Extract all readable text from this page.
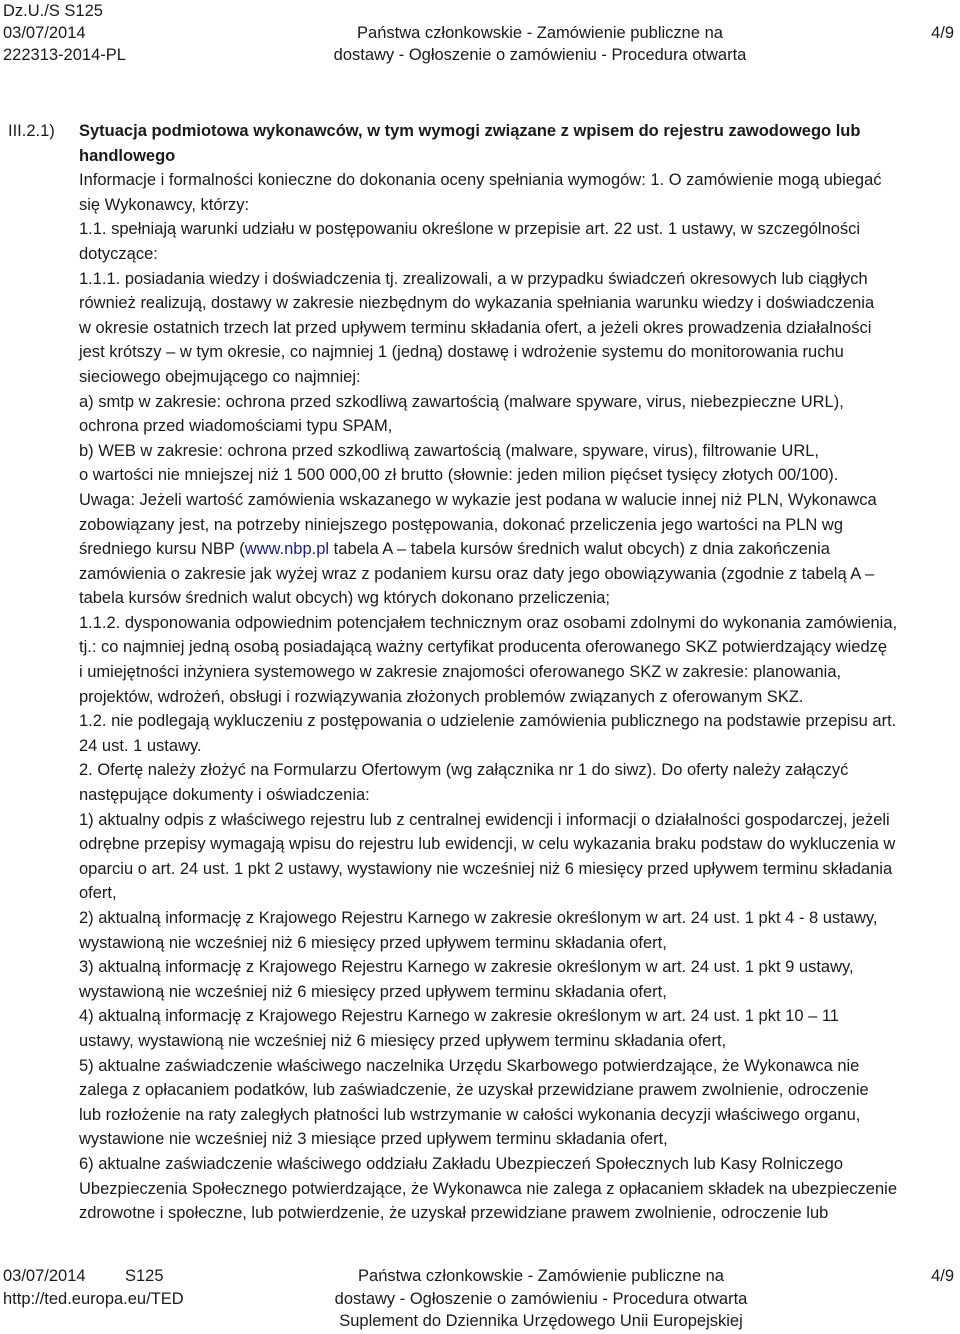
Dz.U./S S125
03/07/2014
222313-2014-PL
Państwa członkowskie - Zamówienie publiczne na
dostawy - Ogłoszenie o zamówieniu - Procedura otwarta
4/9
III.2.1) Sytuacja podmiotowa wykonawców, w tym wymogi związane z wpisem do rejestru zawodowego lub
handlowego
Informacje i formalności konieczne do dokonania oceny spełniania wymogów: 1. O zamówienie mogą ubiegać
się Wykonawcy, którzy:
1.1. spełniają warunki udziału w postępowaniu określone w przepisie art. 22 ust. 1 ustawy, w szczególności
dotyczące:
1.1.1. posiadania wiedzy i doświadczenia tj. zrealizowali, a w przypadku świadczeń okresowych lub ciągłych
również realizują, dostawy w zakresie niezbędnym do wykazania spełniania warunku wiedzy i doświadczenia
w okresie ostatnich trzech lat przed upływem terminu składania ofert, a jeżeli okres prowadzenia działalności
jest krótszy – w tym okresie, co najmniej 1 (jedną) dostawę i wdrożenie systemu do monitorowania ruchu
sieciowego obejmującego co najmniej:
a) smtp w zakresie: ochrona przed szkodliwą zawartością (malware spyware, virus, niebezpieczne URL),
ochrona przed wiadomościami typu SPAM,
b) WEB w zakresie: ochrona przed szkodliwą zawartością (malware, spyware, virus), filtrowanie URL,
o wartości nie mniejszej niż 1 500 000,00 zł brutto (słownie: jeden milion pięćset tysięcy złotych 00/100).
Uwaga: Jeżeli wartość zamówienia wskazanego w wykazie jest podana w walucie innej niż PLN, Wykonawca
zobowiązany jest, na potrzeby niniejszego postępowania, dokonać przeliczenia jego wartości na PLN wg
średniego kursu NBP (www.nbp.pl tabela A – tabela kursów średnich walut obcych) z dnia zakończenia
zamówienia o zakresie jak wyżej wraz z podaniem kursu oraz daty jego obowiązywania (zgodnie z tabelą A –
tabela kursów średnich walut obcych) wg których dokonano przeliczenia;
1.1.2. dysponowania odpowiednim potencjałem technicznym oraz osobami zdolnymi do wykonania zamówienia,
tj.: co najmniej jedną osobą posiadającą ważny certyfikat producenta oferowanego SKZ potwierdzający wiedzę
i umiejętności inżyniera systemowego w zakresie znajomości oferowanego SKZ w zakresie: planowania,
projektów, wdrożeń, obsługi i rozwiązywania złożonych problemów związanych z oferowanym SKZ.
1.2. nie podlegają wykluczeniu z postępowania o udzielenie zamówienia publicznego na podstawie przepisu art.
24 ust. 1 ustawy.
2. Ofertę należy złożyć na Formularzu Ofertowym (wg załącznika nr 1 do siwz). Do oferty należy załączyć
następujące dokumenty i oświadczenia:
1) aktualny odpis z właściwego rejestru lub z centralnej ewidencji i informacji o działalności gospodarczej, jeżeli
odrębne przepisy wymagają wpisu do rejestru lub ewidencji, w celu wykazania braku podstaw do wykluczenia w
oparciu o art. 24 ust. 1 pkt 2 ustawy, wystawiony nie wcześniej niż 6 miesięcy przed upływem terminu składania
ofert,
2) aktualną informację z Krajowego Rejestru Karnego w zakresie określonym w art. 24 ust. 1 pkt 4 - 8 ustawy,
wystawioną nie wcześniej niż 6 miesięcy przed upływem terminu składania ofert,
3) aktualną informację z Krajowego Rejestru Karnego w zakresie określonym w art. 24 ust. 1 pkt 9 ustawy,
wystawioną nie wcześniej niż 6 miesięcy przed upływem terminu składania ofert,
4) aktualną informację z Krajowego Rejestru Karnego w zakresie określonym w art. 24 ust. 1 pkt 10 – 11
ustawy, wystawioną nie wcześniej niż 6 miesięcy przed upływem terminu składania ofert,
5) aktualne zaświadczenie właściwego naczelnika Urzędu Skarbowego potwierdzające, że Wykonawca nie
zalega z opłacaniem podatków, lub zaświadczenie, że uzyskał przewidziane prawem zwolnienie, odroczenie
lub rozłożenie na raty zaległych płatności lub wstrzymanie w całości wykonania decyzji właściwego organu,
wystawione nie wcześniej niż 3 miesiące przed upływem terminu składania ofert,
6) aktualne zaświadczenie właściwego oddziału Zakładu Ubezpieczeń Społecznych lub Kasy Rolniczego
Ubezpieczenia Społecznego potwierdzające, że Wykonawca nie zalega z opłacaniem składek na ubezpieczenie
zdrowotne i społeczne, lub potwierdzenie, że uzyskał przewidziane prawem zwolnienie, odroczenie lub
03/07/2014 S125
http://ted.europa.eu/TED
Państwa członkowskie - Zamówienie publiczne na
dostawy - Ogłoszenie o zamówieniu - Procedura otwarta
Suplement do Dziennika Urzędowego Unii Europejskiej
4/9
